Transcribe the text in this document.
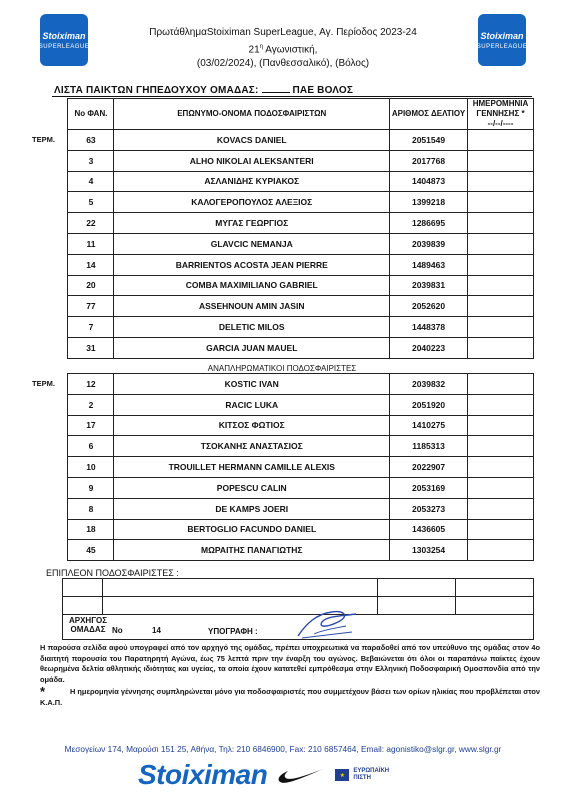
Stoiximan
SUPERLEAGUE
Stoiximan
SUPERLEAGUE
ΠρωτάθλημαStoiximan SuperLeague, Αγ. Περίοδος 2023-24
$21^\eta$ Αγωνιστική,
(03/02/2024), (Πανθεσσαλικό), (Βόλος)
ΛΙΣΤΑ ΠΑΙΚΤΩΝ ΓΗΠΕΔΟΥΧΟΥ ΟΜΑΔΑΣ:	ΠΑΕ ΒΟΛΟΣ
	No ΦΑΝ.	ΕΠΩΝΥΜΟ-ΟΝΟΜΑ ΠΟΔΟΣΦΑΙΡΙΣΤΩΝ	ΑΡΙΘΜΟΣ ΔΕΛΤΙΟΥ	ΗΜΕΡΟΜΗΝΙΑ ΓΕΝΝΗΣΗΣ *
--/--/----
ΤΕΡΜ.	63	KOVACS DANIEL	2051549	
	3	ALHO NIKOLAI ALEKSANTERI	2017768	
	4	ΑΣΛΑΝΙΔΗΣ ΚΥΡΙΑΚΟΣ	1404873	
	5	ΚΑΛΟΓΕΡΟΠΟΥΛΟΣ ΑΛΕΞΙΟΣ	1399218	
	22	ΜΥΓΑΣ ΓΕΩΡΓΙΟΣ	1286695	
	11	GLAVCIC NEMANJA	2039839	
	14	BARRIENTOS ACOSTA JEAN PIERRE	1489463	
	20	COMBA MAXIMILIANO GABRIEL	2039831	
	77	ASSEHNOUN AMIN JASIN	2052620	
	7	DELETIC MILOS	1448378	
	31	GARCIA JUAN MAUEL	2040223	
ΑΝΑΠΛΗΡΩΜΑΤΙΚΟΙ ΠΟΔΟΣΦΑΙΡΙΣΤΕΣ
ΤΕΡΜ.	12	KOSTIC IVAN	2039832	
	2	RACIC LUKA	2051920	
	17	ΚΙΤΣΟΣ ΦΩΤΙΟΣ	1410275	
	6	ΤΣΟΚΑΝΗΣ ΑΝΑΣΤΑΣΙΟΣ	1185313	
	10	TROUILLET HERMANN CAMILLE ALEXIS	2022907	
	9	POPESCU CALIN	2053169	
	8	DE KAMPS JOERI	2053273	
	18	BERTOGLIO FACUNDO DANIEL	1436605	
	45	ΜΩΡΑΙΤΗΣ ΠΑΝΑΓΙΩΤΗΣ	1303254	
ΕΠΙΠΛΕΟΝ ΠΟΔΟΣΦΑΙΡΙΣΤΕΣ :

ΑΡΧΗΓΟΣ ΟΜΑΔΑΣ No	14	ΥΠΟΓΡΑΦΗ :
Η παρούσα σελίδα αφού υπογραφεί από τον αρχηγό της ομάδας, πρέπει υποχρεωτικά να παραδοθεί από τον υπεύθυνο της ομάδας στον 4ο διαιτητή παρουσία του Παρατηρητή Αγώνα, έως 75 λεπτά πριν την έναρξη του αγώνος. Βεβαιώνεται ότι όλοι οι παραπάνω παίκτες έχουν θεωρημένα δελτία αθλητικής ιδιότητας και υγείας, τα οποία έχουν κατατεθεί εμπρόθεσμα στην Ελληνική Ποδοσφαιρική Ομοσπονδία από την ομάδα.
*	Η ημερομηνία γέννησης συμπληρώνεται μόνο για ποδοσφαιριστές που συμμετέχουν βάσει των ορίων ηλικίας που προβλέπεται στον Κ.Α.Π.
Μεσογείων 174, Μαρούσι 151 25, Αθήνα, Τηλ: 210 6846900, Fax: 210 6857464, Email: agonistiko@slgr.gr, www.slgr.gr
Stoiximan	★
ΕΥΡΩΠΑΪΚΗ
ΠΙΣΤΗ
